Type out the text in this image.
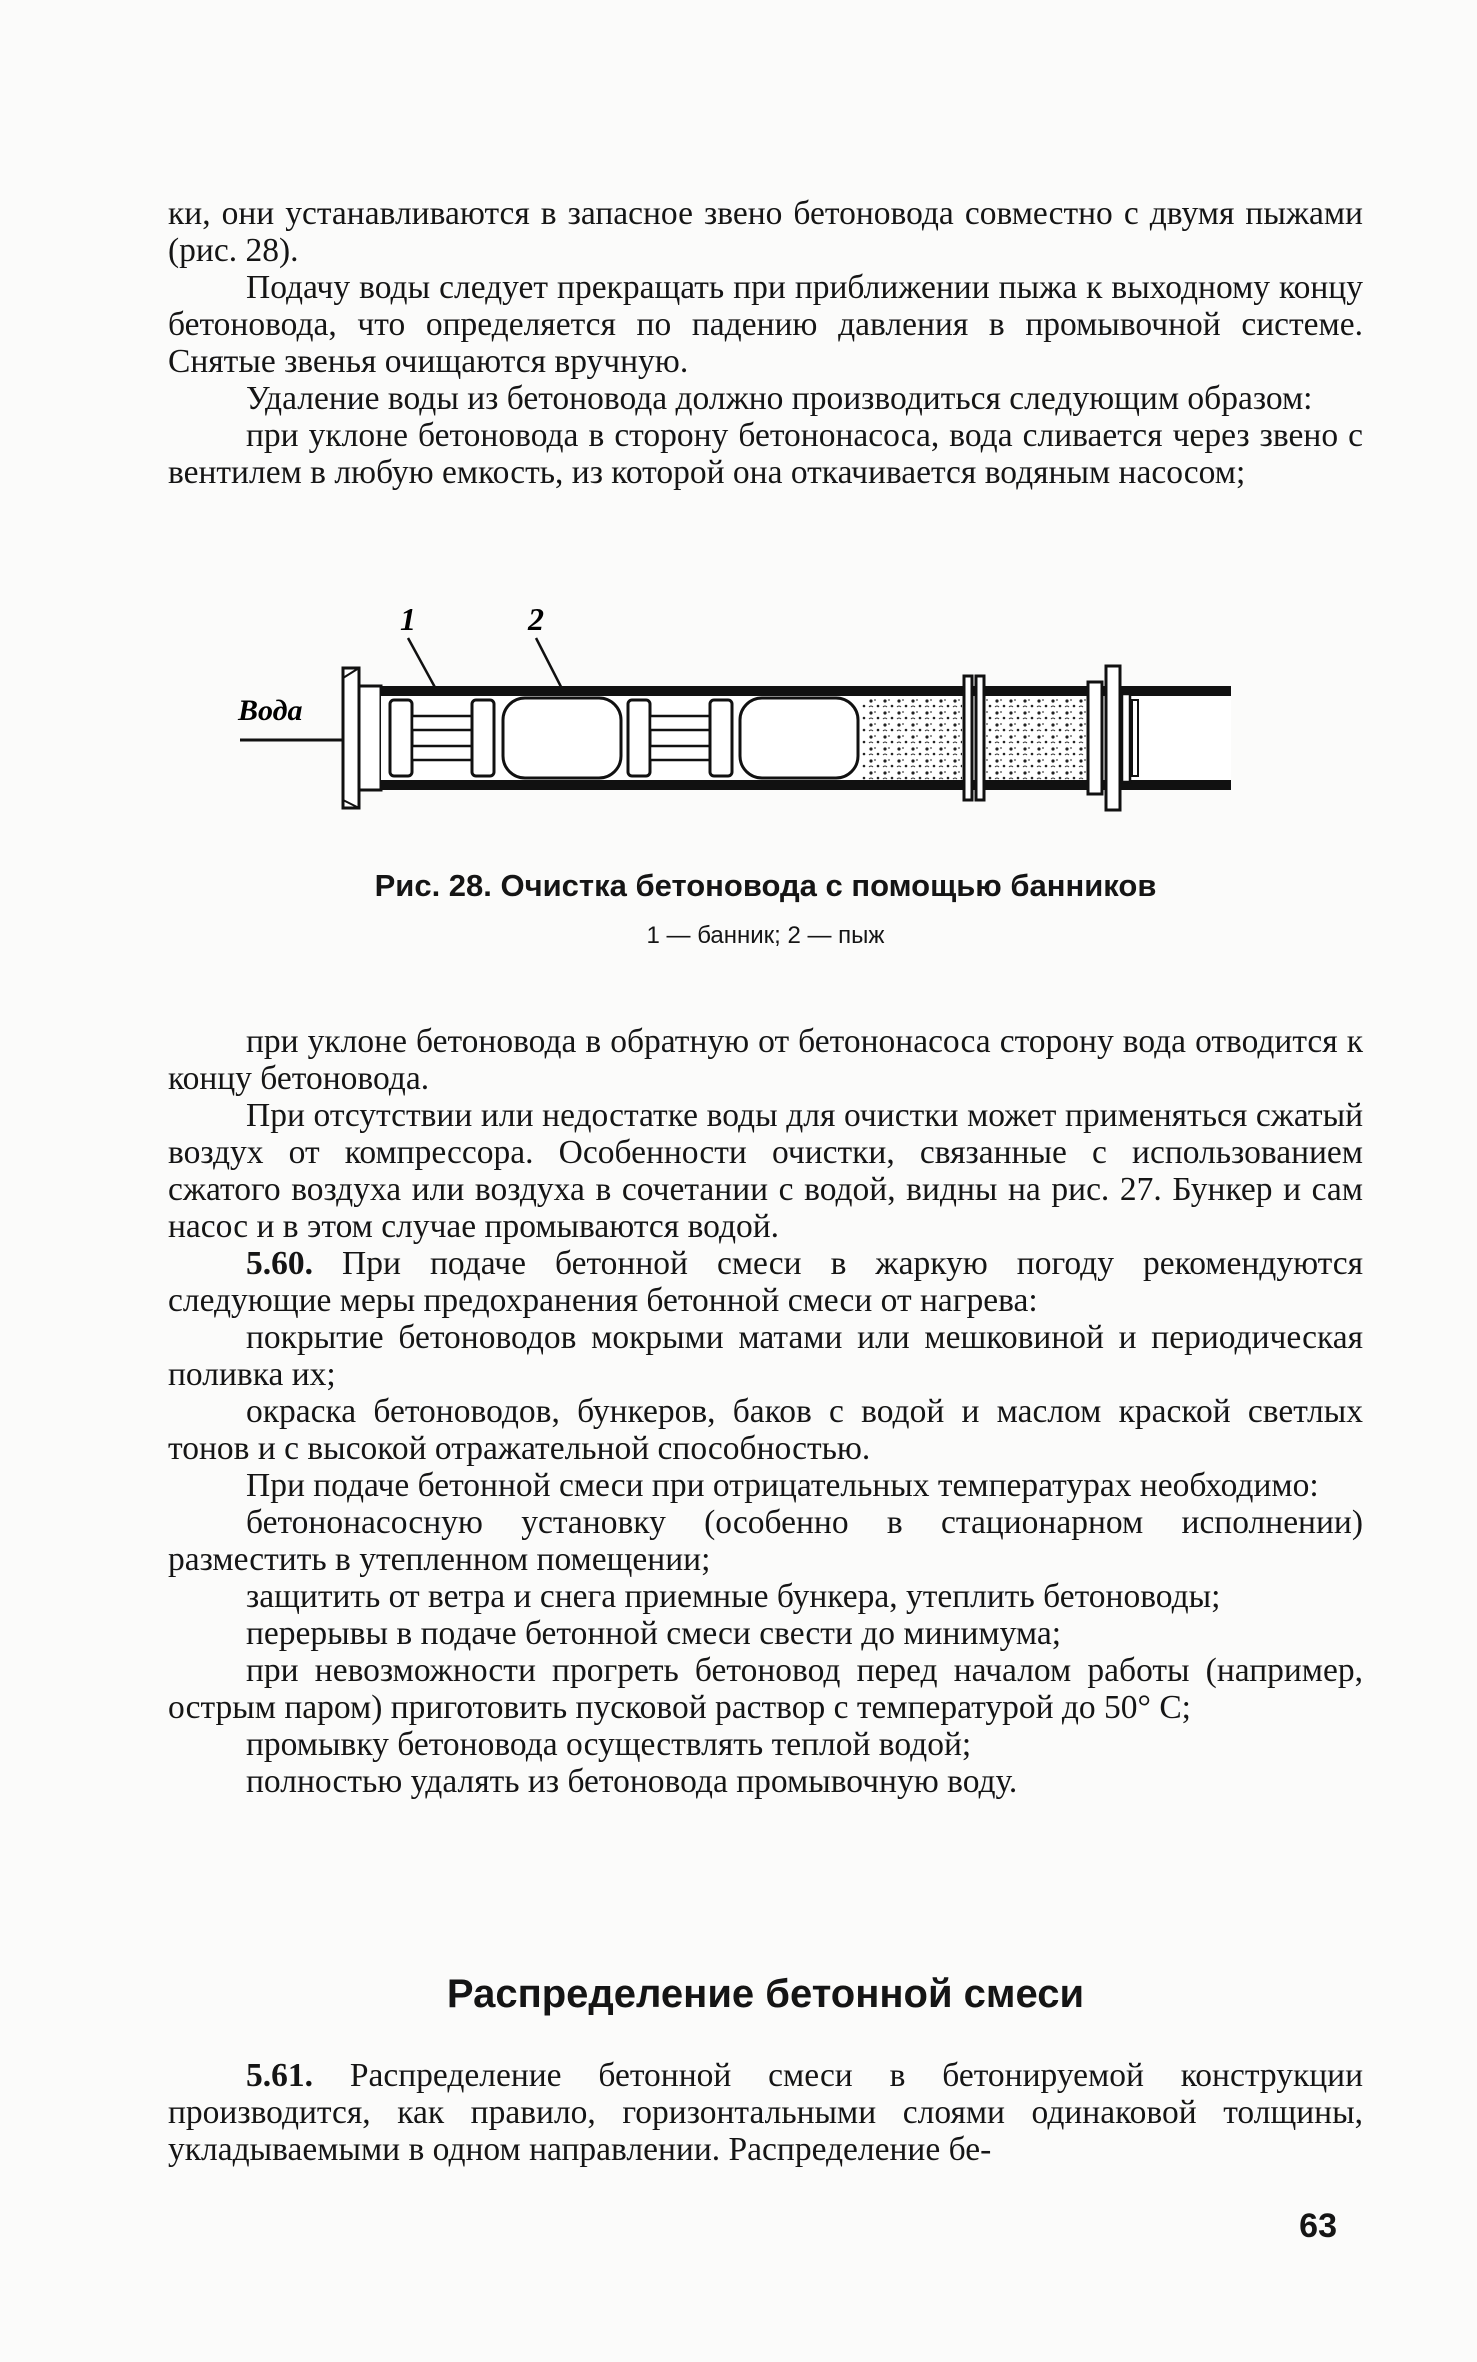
ки, они устанавливаются в запасное звено бетоновода совместно с двумя пыжами (рис. 28).

Подачу воды следует прекращать при приближении пыжа к выходному концу бетоновода, что определяется по падению давления в промывочной системе. Снятые звенья очищаются вручную.

Удаление воды из бетоновода должно производиться следующим образом:

при уклоне бетоновода в сторону бетононасоса, вода сливается через звено с вентилем в любую емкость, из которой она откачивается водяным насосом;

Вода
1	2
Рис. 28. Очистка бетоновода с помощью банников
1 — банник; 2 — пыж

при уклоне бетоновода в обратную от бетононасоса сторону вода отводится к концу бетоновода.

При отсутствии или недостатке воды для очистки может применяться сжатый воздух от компрессора. Особенности очистки, связанные с использованием сжатого воздуха или воздуха в сочетании с водой, видны на рис. 27. Бункер и сам насос и в этом случае промываются водой.

5.60. При подаче бетонной смеси в жаркую погоду рекомендуются следующие меры предохранения бетонной смеси от нагрева:

покрытие бетоноводов мокрыми матами или мешковиной и периодическая поливка их;

окраска бетоноводов, бункеров, баков с водой и маслом краской светлых тонов и с высокой отражательной способностью.

При подаче бетонной смеси при отрицательных температурах необходимо:

бетононасосную установку (особенно в стационарном исполнении) разместить в утепленном помещении;

защитить от ветра и снега приемные бункера, утеплить бетоноводы;

перерывы в подаче бетонной смеси свести до минимума;

при невозможности прогреть бетоновод перед началом работы (например, острым паром) приготовить пусковой раствор с температурой до 50° С;

промывку бетоновода осуществлять теплой водой;

полностью удалять из бетоновода промывочную воду.

Распределение бетонной смеси

5.61. Распределение бетонной смеси в бетонируемой конструкции производится, как правило, горизонтальными слоями одинаковой толщины, укладываемыми в одном направлении. Распределение бе-

63
